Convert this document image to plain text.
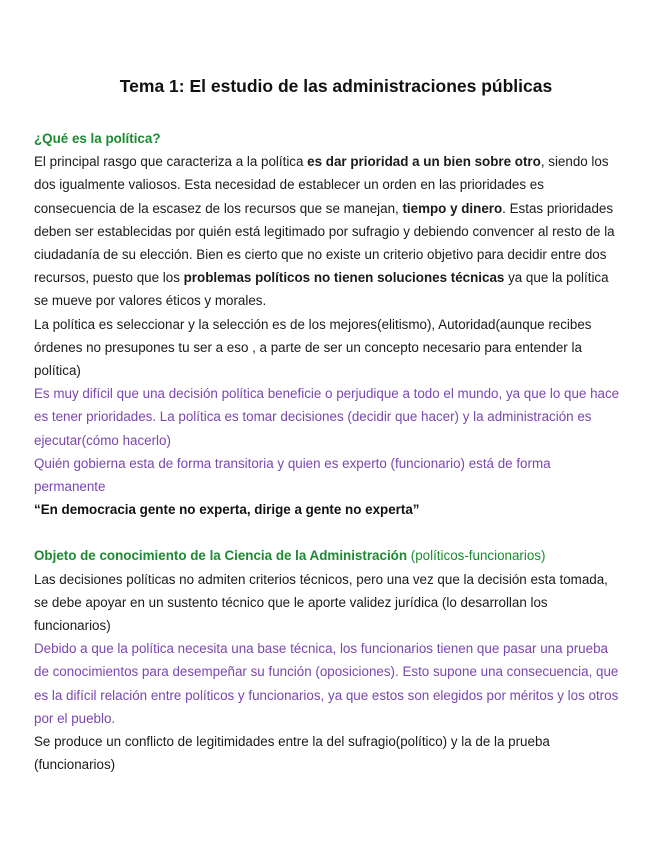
Tema 1: El estudio de las administraciones públicas

¿Qué es la política?

El principal rasgo que caracteriza a la política es dar prioridad a un bien sobre otro, siendo los dos igualmente valiosos. Esta necesidad de establecer un orden en las prioridades es consecuencia de la escasez de los recursos que se manejan, tiempo y dinero. Estas prioridades deben ser establecidas por quién está legitimado por sufragio y debiendo convencer al resto de la ciudadanía de su elección. Bien es cierto que no existe un criterio objetivo para decidir entre dos recursos, puesto que los problemas políticos no tienen soluciones técnicas ya que la política se mueve por valores éticos y morales.

La política es seleccionar y la selección es de los mejores(elitismo), Autoridad(aunque recibes órdenes no presupones tu ser a eso , a parte de ser un concepto necesario para entender la política)

Es muy difícil que una decisión política beneficie o perjudique a todo el mundo, ya que lo que hace es tener prioridades. La política es tomar decisiones (decidir que hacer) y la administración es ejecutar(cómo hacerlo)

Quién gobierna esta de forma transitoria y quien es experto (funcionario) está de forma permanente

“En democracia gente no experta, dirige a gente no experta”

Objeto de conocimiento de la Ciencia de la Administración (políticos-funcionarios)

Las decisiones políticas no admiten criterios técnicos, pero una vez que la decisión esta tomada, se debe apoyar en un sustento técnico que le aporte validez jurídica (lo desarrollan los funcionarios)

Debido a que la política necesita una base técnica, los funcionarios tienen que pasar una prueba de conocimientos para desempeñar su función (oposiciones). Esto supone una consecuencia, que es la difícil relación entre políticos y funcionarios, ya que estos son elegidos por méritos y los otros por el pueblo.

Se produce un conflicto de legitimidades entre la del sufragio(político) y la de la prueba (funcionarios)
